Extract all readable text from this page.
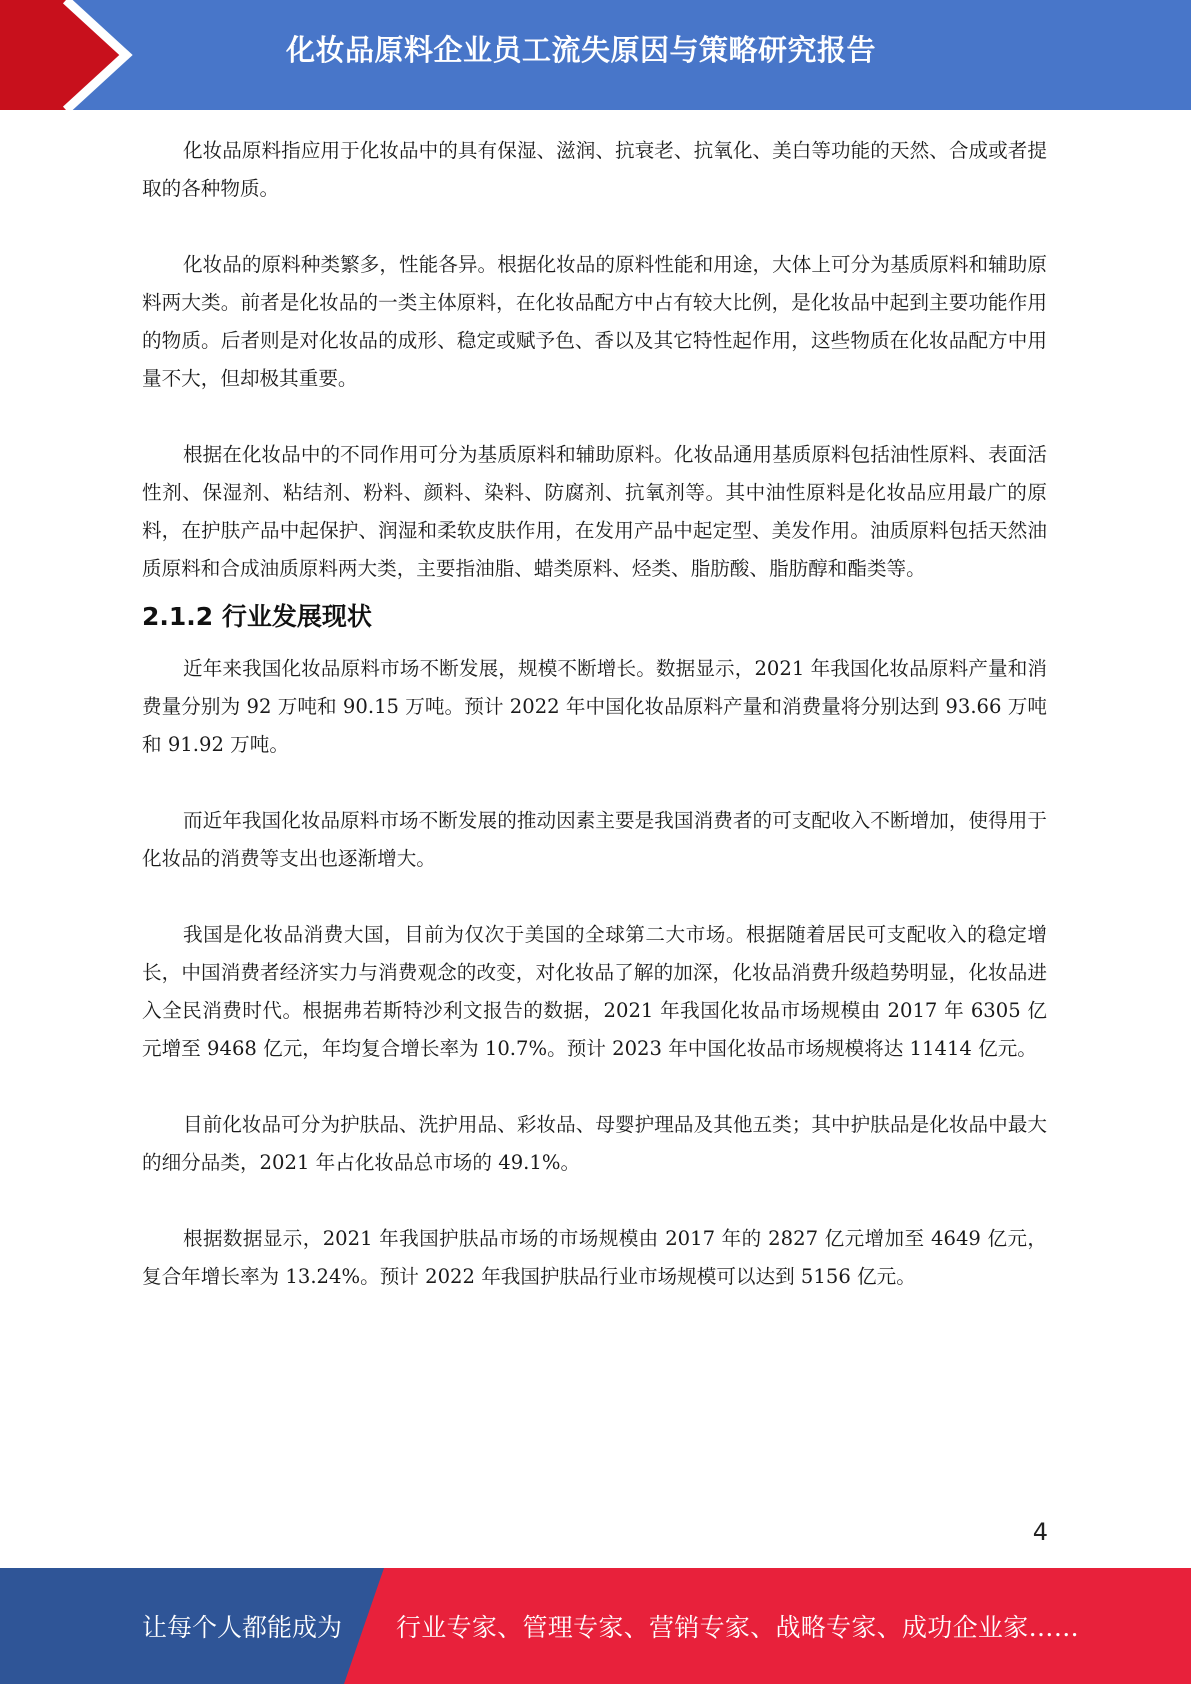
化妆品原料企业员工流失原因与策略研究报告

化妆品原料指应用于化妆品中的具有保湿、滋润、抗衰老、抗氧化、美白等功能的天然、合成或者提取的各种物质。

化妆品的原料种类繁多，性能各异。根据化妆品的原料性能和用途，大体上可分为基质原料和辅助原料两大类。前者是化妆品的一类主体原料，在化妆品配方中占有较大比例，是化妆品中起到主要功能作用的物质。后者则是对化妆品的成形、稳定或赋予色、香以及其它特性起作用，这些物质在化妆品配方中用量不大，但却极其重要。

根据在化妆品中的不同作用可分为基质原料和辅助原料。化妆品通用基质原料包括油性原料、表面活性剂、保湿剂、粘结剂、粉料、颜料、染料、防腐剂、抗氧剂等。其中油性原料是化妆品应用最广的原料，在护肤产品中起保护、润湿和柔软皮肤作用，在发用产品中起定型、美发作用。油质原料包括天然油质原料和合成油质原料两大类，主要指油脂、蜡类原料、烃类、脂肪酸、脂肪醇和酯类等。

2.1.2 行业发展现状

近年来我国化妆品原料市场不断发展，规模不断增长。数据显示，2021 年我国化妆品原料产量和消费量分别为 92 万吨和 90.15 万吨。预计 2022 年中国化妆品原料产量和消费量将分别达到 93.66 万吨和 91.92 万吨。

而近年我国化妆品原料市场不断发展的推动因素主要是我国消费者的可支配收入不断增加，使得用于化妆品的消费等支出也逐渐增大。

我国是化妆品消费大国，目前为仅次于美国的全球第二大市场。根据随着居民可支配收入的稳定增长，中国消费者经济实力与消费观念的改变，对化妆品了解的加深，化妆品消费升级趋势明显，化妆品进入全民消费时代。根据弗若斯特沙利文报告的数据，2021 年我国化妆品市场规模由 2017 年 6305 亿元增至 9468 亿元，年均复合增长率为 10.7%。预计 2023 年中国化妆品市场规模将达 11414 亿元。

目前化妆品可分为护肤品、洗护用品、彩妆品、母婴护理品及其他五类；其中护肤品是化妆品中最大的细分品类，2021 年占化妆品总市场的 49.1%。

根据数据显示，2021 年我国护肤品市场的市场规模由 2017 年的 2827 亿元增加至 4649 亿元，复合年增长率为 13.24%。预计 2022 年我国护肤品行业市场规模可以达到 5156 亿元。

4
让每个人都能成为 行业专家、管理专家、营销专家、战略专家、成功企业家……
